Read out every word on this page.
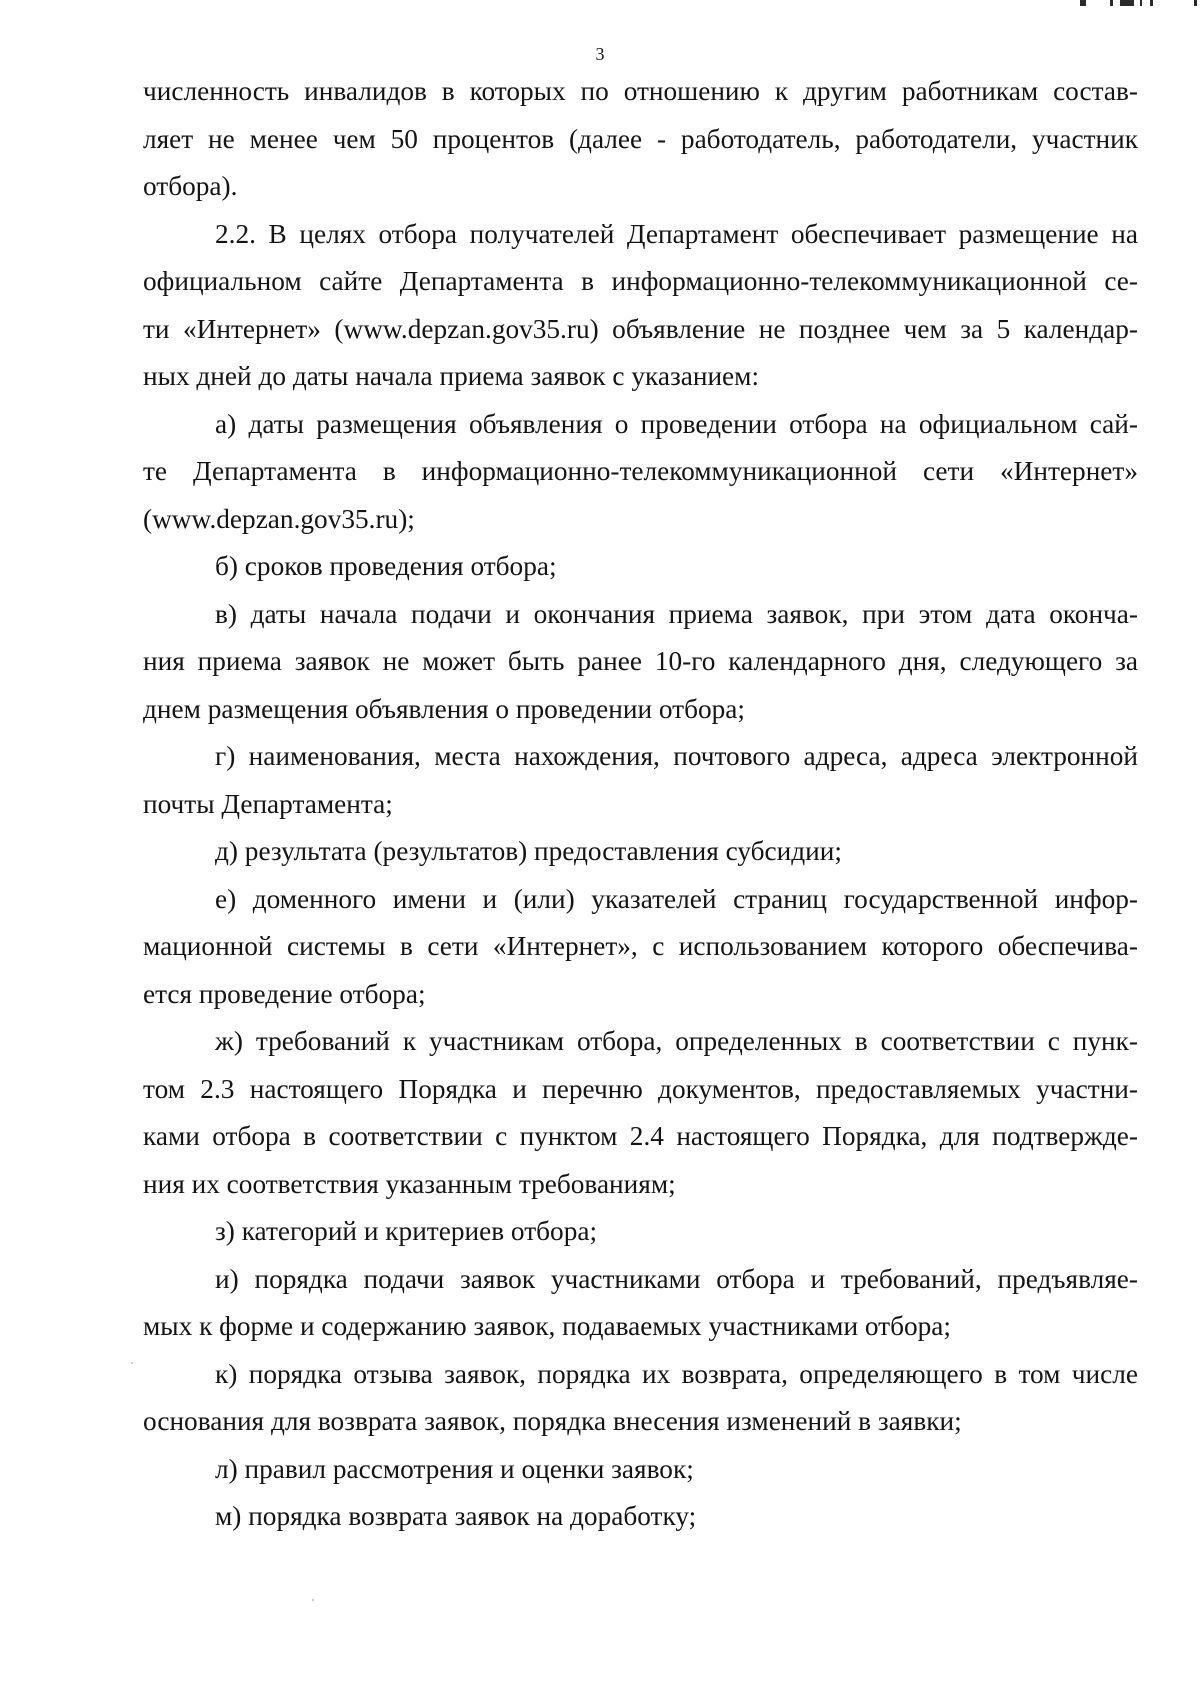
3
численность инвалидов в которых по отношению к другим работникам состав-
ляет не менее чем 50 процентов (далее - работодатель, работодатели, участник
отбора).
2.2. В целях отбора получателей Департамент обеспечивает размещение на
официальном сайте Департамента в информационно-телекоммуникационной се-
ти «Интернет» (www.depzan.gov35.ru) объявление не позднее чем за 5 календар-
ных дней до даты начала приема заявок с указанием:
а) даты размещения объявления о проведении отбора на официальном сай-
те Департамента в информационно-телекоммуникационной сети «Интернет»
(www.depzan.gov35.ru);
б) сроков проведения отбора;
в) даты начала подачи и окончания приема заявок, при этом дата оконча-
ния приема заявок не может быть ранее 10-го календарного дня, следующего за
днем размещения объявления о проведении отбора;
г) наименования, места нахождения, почтового адреса, адреса электронной
почты Департамента;
д) результата (результатов) предоставления субсидии;
е) доменного имени и (или) указателей страниц государственной инфор-
мационной системы в сети «Интернет», с использованием которого обеспечива-
ется проведение отбора;
ж) требований к участникам отбора, определенных в соответствии с пунк-
том 2.3 настоящего Порядка и перечню документов, предоставляемых участни-
ками отбора в соответствии с пунктом 2.4 настоящего Порядка, для подтвержде-
ния их соответствия указанным требованиям;
з) категорий и критериев отбора;
и) порядка подачи заявок участниками отбора и требований, предъявляе-
мых к форме и содержанию заявок, подаваемых участниками отбора;
к) порядка отзыва заявок, порядка их возврата, определяющего в том числе
основания для возврата заявок, порядка внесения изменений в заявки;
л) правил рассмотрения и оценки заявок;
м) порядка возврата заявок на доработку;
